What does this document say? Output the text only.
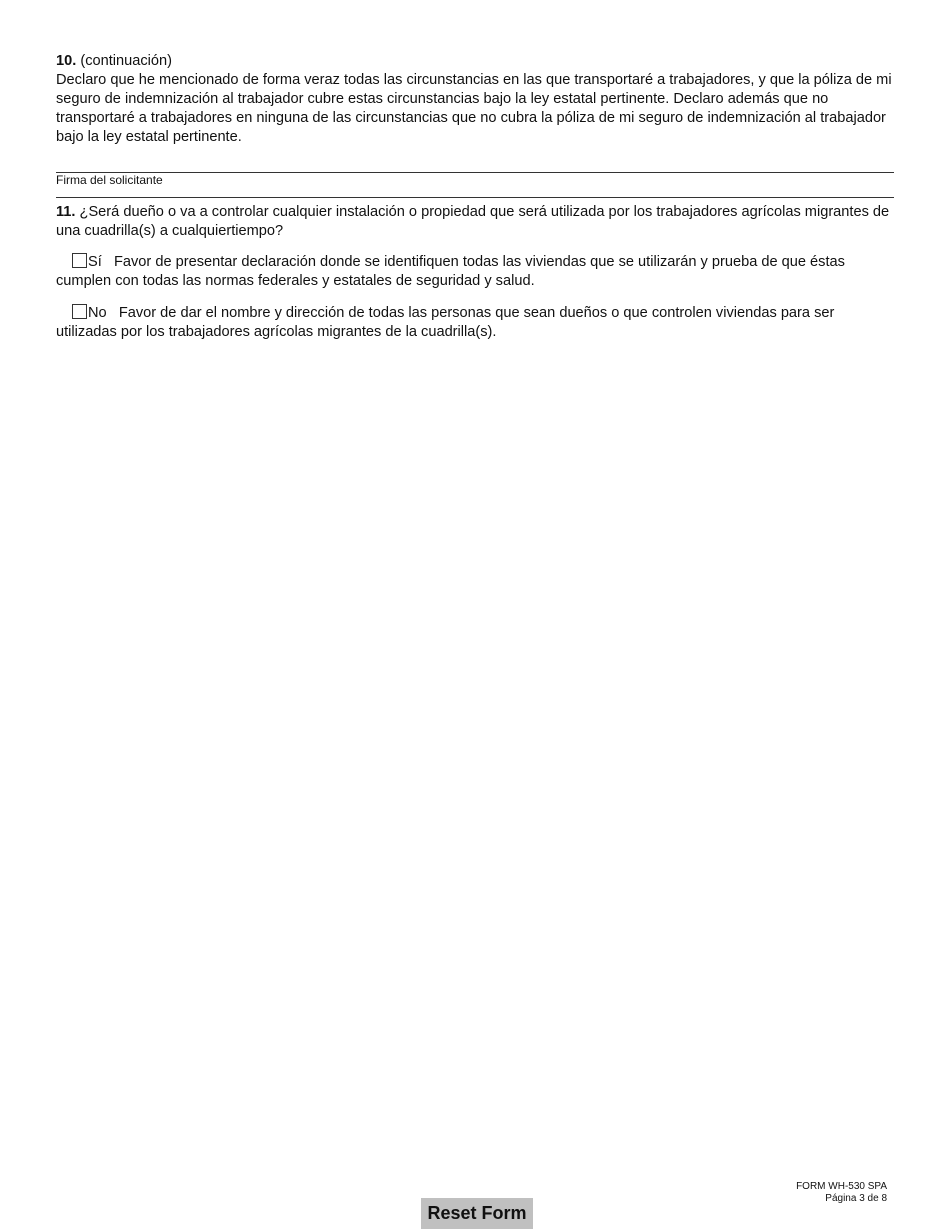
10. (continuación)
Declaro que he mencionado de forma veraz todas las circunstancias en las que transportaré a trabajadores, y que la póliza de mi seguro de indemnización al trabajador cubre estas circunstancias bajo la ley estatal pertinente. Declaro además que no transportaré a trabajadores en ninguna de las circunstancias que no cubra la póliza de mi seguro de indemnización al trabajador bajo la ley estatal pertinente.
Firma del solicitante
11. ¿Será dueño o va a controlar cualquier instalación o propiedad que será utilizada por los trabajadores agrícolas migrantes de una cuadrilla(s) a cualquiertiempo?
Sí Favor de presentar declaración donde se identifiquen todas las viviendas que se utilizarán y prueba de que éstas cumplen con todas las normas federales y estatales de seguridad y salud.
No Favor de dar el nombre y dirección de todas las personas que sean dueños o que controlen viviendas para ser utilizadas por los trabajadores agrícolas migrantes de la cuadrilla(s).
FORM WH-530 SPA
Página 3 de 8
Reset Form
